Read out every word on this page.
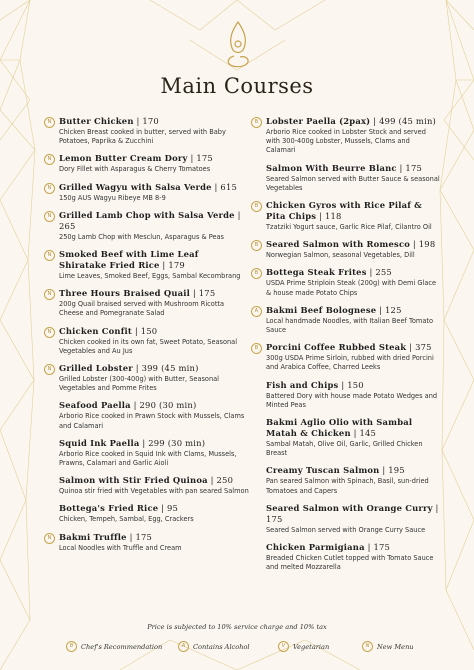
Main Courses
N Butter Chicken | 170
Chicken Breast cooked in butter, served with Baby Potatoes, Paprika & Zucchini
N Lemon Butter Cream Dory | 175
Dory Fillet with Asparagus & Cherry Tomatoes
N Grilled Wagyu with Salsa Verde | 615
150g AUS Wagyu Ribeye MB 8-9
N Grilled Lamb Chop with Salsa Verde | 265
250g Lamb Chop with Mesclun, Asparagus & Peas
N Smoked Beef with Lime Leaf Shiratake Fried Rice | 179
Lime Leaves, Smoked Beef, Eggs, Sambal Kecombrang
N Three Hours Braised Quail | 175
200g Quail braised served with Mushroom Ricotta Cheese and Pomegranate Salad
N Chicken Confit | 150
Chicken cooked in its own fat, Sweet Potato, Seasonal Vegetables and Au Jus
N Grilled Lobster | 399 (45 min)
Grilled Lobster (300-400g) with Butter, Seasonal Vegetables and Pomme Frites
Seafood Paella | 290 (30 min)
Arborio Rice cooked in Prawn Stock with Mussels, Clams and Calamari
Squid Ink Paella | 299 (30 min)
Arborio Rice cooked in Squid Ink with Clams, Mussels, Prawns, Calamari and Garlic Aioli
Salmon with Stir Fried Quinoa | 250
Quinoa stir fried with Vegetables with pan seared Salmon
Bottega's Fried Rice | 95
Chicken, Tempeh, Sambal, Egg, Crackers
N Bakmi Truffle | 175
Local Noodles with Truffle and Cream
B Lobster Paella (2pax) | 499 (45 min)
Arborio Rice cooked in Lobster Stock and served with 300-400g Lobster, Mussels, Clams and Calamari
Salmon With Beurre Blanc | 175
Seared Salmon served with Butter Sauce & seasonal Vegetables
B Chicken Gyros with Rice Pilaf & Pita Chips | 118
Tzatziki Yogurt sauce, Garlic Rice Pilaf, Cilantro Oil
B Seared Salmon with Romesco | 198
Norwegian Salmon, seasonal Vegetables, Dill
B Bottega Steak Frites | 255
USDA Prime Striploin Steak (200g) with Demi Glace & house made Potato Chips
A Bakmi Beef Bolognese | 125
Local handmade Noodles, with Italian Beef Tomato Sauce
B Porcini Coffee Rubbed Steak | 375
300g USDA Prime Sirloin, rubbed with dried Porcini and Arabica Coffee, Charred Leeks
Fish and Chips | 150
Battered Dory with house made Potato Wedges and Minted Peas
Bakmi Aglio Olio with Sambal Matah & Chicken | 145
Sambal Matah, Olive Oil, Garlic, Grilled Chicken Breast
Creamy Tuscan Salmon | 195
Pan seared Salmon with Spinach, Basil, sun-dried Tomatoes and Capers
Seared Salmon with Orange Curry | 175
Seared Salmon served with Orange Curry Sauce
Chicken Parmigiana | 175
Breaded Chicken Cutlet topped with Tomato Sauce and melted Mozzarella
Price is subjected to 10% service charge and 10% tax
B	Chef's Recommendation	A	Contains Alcohol	V	Vegetarian	N	New Menu
